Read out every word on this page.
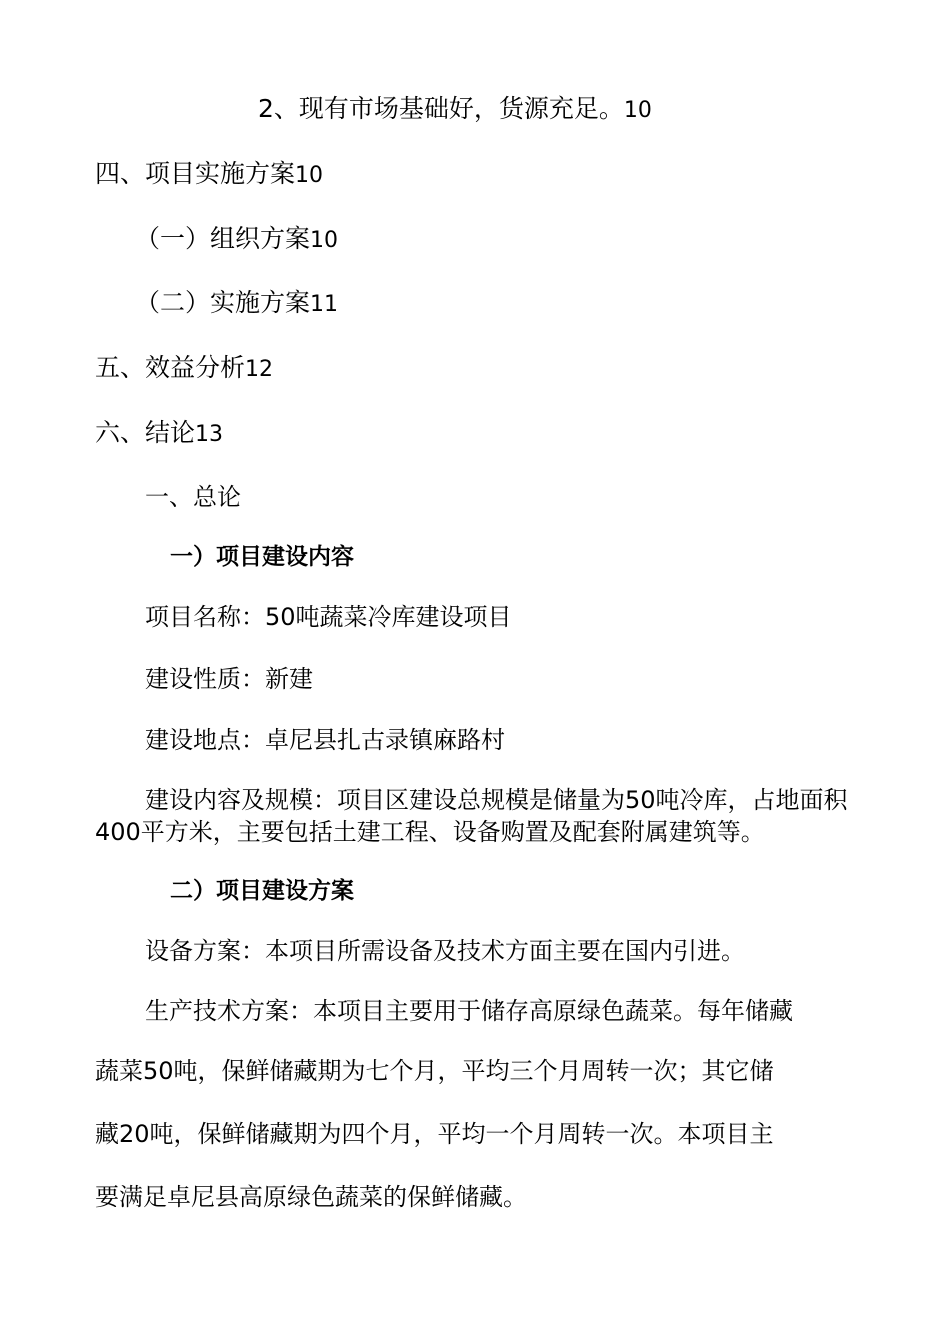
2、现有市场基础好，货源充足。10
四、项目实施方案10
（一）组织方案10
（二）实施方案11
五、效益分析12
六、结论13
一、总论
一）项目建设内容
项目名称：50吨蔬菜冷库建设项目
建设性质：新建
建设地点：卓尼县扎古录镇麻路村
建设内容及规模：项目区建设总规模是储量为50吨冷库，占地面积400平方米，主要包括土建工程、设备购置及配套附属建筑等。
二）项目建设方案
设备方案：本项目所需设备及技术方面主要在国内引进。
生产技术方案：本项目主要用于储存高原绿色蔬菜。每年储藏
蔬菜50吨，保鲜储藏期为七个月，平均三个月周转一次；其它储
藏20吨，保鲜储藏期为四个月，平均一个月周转一次。本项目主
要满足卓尼县高原绿色蔬菜的保鲜储藏。
